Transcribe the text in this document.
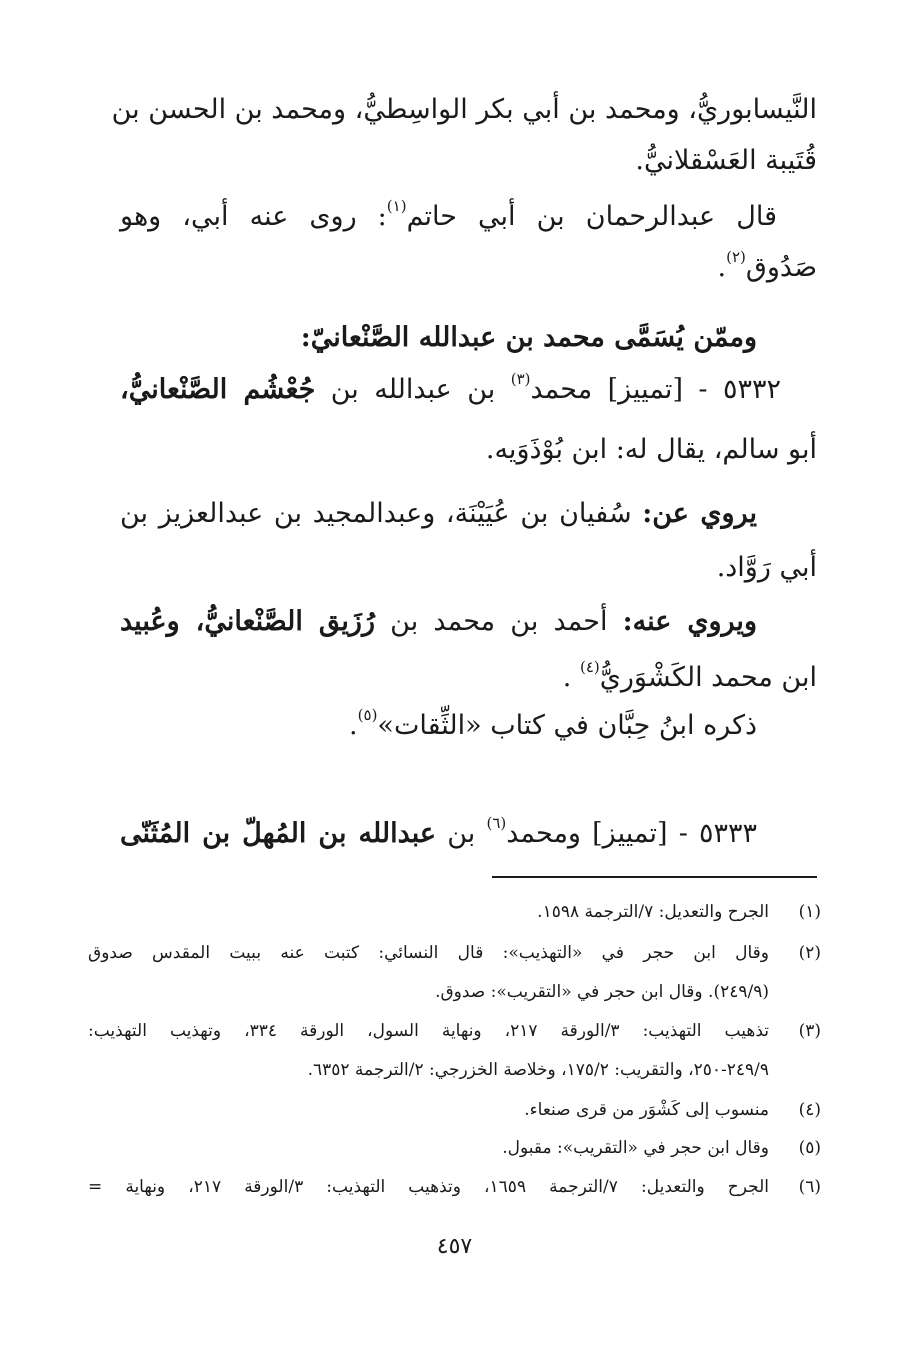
النَّيسابوريُّ، ومحمد بن أبي بكر الواسِطيُّ، ومحمد بن الحسن بن
قُتَيبة العَسْقلانيُّ.
قال عبدالرحمان بن أبي حاتم$^{(١)}$: روى عنه أبي، وهو
صَدُوق$^{(٢)}$.
وممّن يُسَمَّى محمد بن عبدالله الصَّنْعانيّ:
٥٣٣٢ - [تمييز] محمد$^{(٣)}$ بن عبدالله بن جُعْشُم الصَّنْعانيُّ،
أبو سالم، يقال له: ابن بُوْذَوَيه.
يروي عن: سُفيان بن عُيَيْنَة، وعبدالمجيد بن عبدالعزيز بن
أبي رَوَّاد.
ويروي عنه: أحمد بن محمد بن رُزَيق الصَّنْعانيُّ، وعُبيد
ابن محمد الكَشْوَريُّ$^{(٤)}$ .
ذكره ابنُ حِبَّان في كتاب «الثِّقات»$^{(٥)}$.
٥٣٣٣ - [تمييز] ومحمد$^{(٦)}$ بن عبدالله بن المُهلّ بن المُثَنّى
(١)
الجرح والتعديل: ٧/الترجمة ١٥٩٨.
(٢)
وقال ابن حجر في «التهذيب»: قال النسائي: كتبت عنه ببيت المقدس صدوق
(٢٤٩/٩). وقال ابن حجر في «التقريب»: صدوق.
(٣)
تذهيب التهذيب: ٣/الورقة ٢١٧، ونهاية السول، الورقة ٣٣٤، وتهذيب التهذيب:
٢٤٩/٩-٢٥٠، والتقريب: ١٧٥/٢، وخلاصة الخزرجي: ٢/الترجمة ٦٣٥٢.
(٤)
منسوب إلى كَشْوَر من قرى صنعاء.
(٥)
وقال ابن حجر في «التقريب»: مقبول.
(٦)
الجرح والتعديل: ٧/الترجمة ١٦٥٩، وتذهيب التهذيب: ٣/الورقة ٢١٧، ونهاية =
٤٥٧
